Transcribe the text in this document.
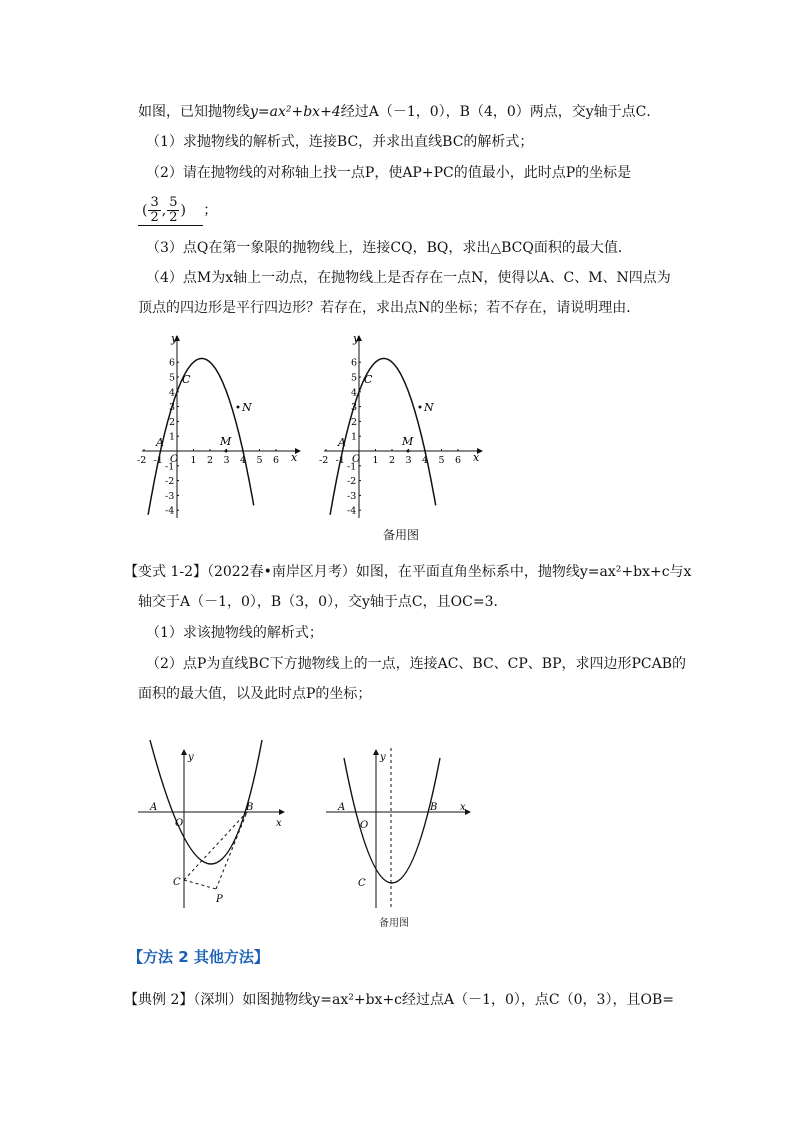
如图，已知抛物线y=ax²+bx+4经过A（－1，0），B（4，0）两点，交y轴于点C．
（1）求抛物线的解析式，连接BC，并求出直线BC的解析式；
（2）请在抛物线的对称轴上找一点P，使AP+PC的值最小，此时点P的坐标是
( $\frac{3}{2}$ , $\frac{5}{2}$ )   ；
（3）点Q在第一象限的抛物线上，连接CQ，BQ，求出△BCQ面积的最大值．
（4）点M为x轴上一动点，在抛物线上是否存在一点N，使得以A、C、M、N四点为
顶点的四边形是平行四边形？若存在，求出点N的坐标；若不存在，请说明理由．
-2 -1	1 2 3 4 5 6
1
2
3
4
5
6
-1
-2
-3
-4
y
x
O
A
C
N
M
-2 -1	1 2 3 4 5 6
1
2
3
4
5
6
-1
-2
-3
-4
y
x
O
A
C
N
M
备用图
【变式 1-2】（2022春•南岸区月考）如图，在平面直角坐标系中，抛物线y=ax²+bx+c与x
轴交于A（－1，0），B（3，0），交y轴于点C，且OC=3．
（1）求该抛物线的解析式；
（2）点P为直线BC下方抛物线上的一点，连接AC、BC、CP、BP，求四边形PCAB的
面积的最大值，以及此时点P的坐标；
y
x
O
A	B
C
P
y
x
O
A	B
C
备用图
【方法 2 其他方法】
【典例 2】（深圳）如图抛物线y=ax²+bx+c经过点A（－1，0），点C（0，3），且OB=
